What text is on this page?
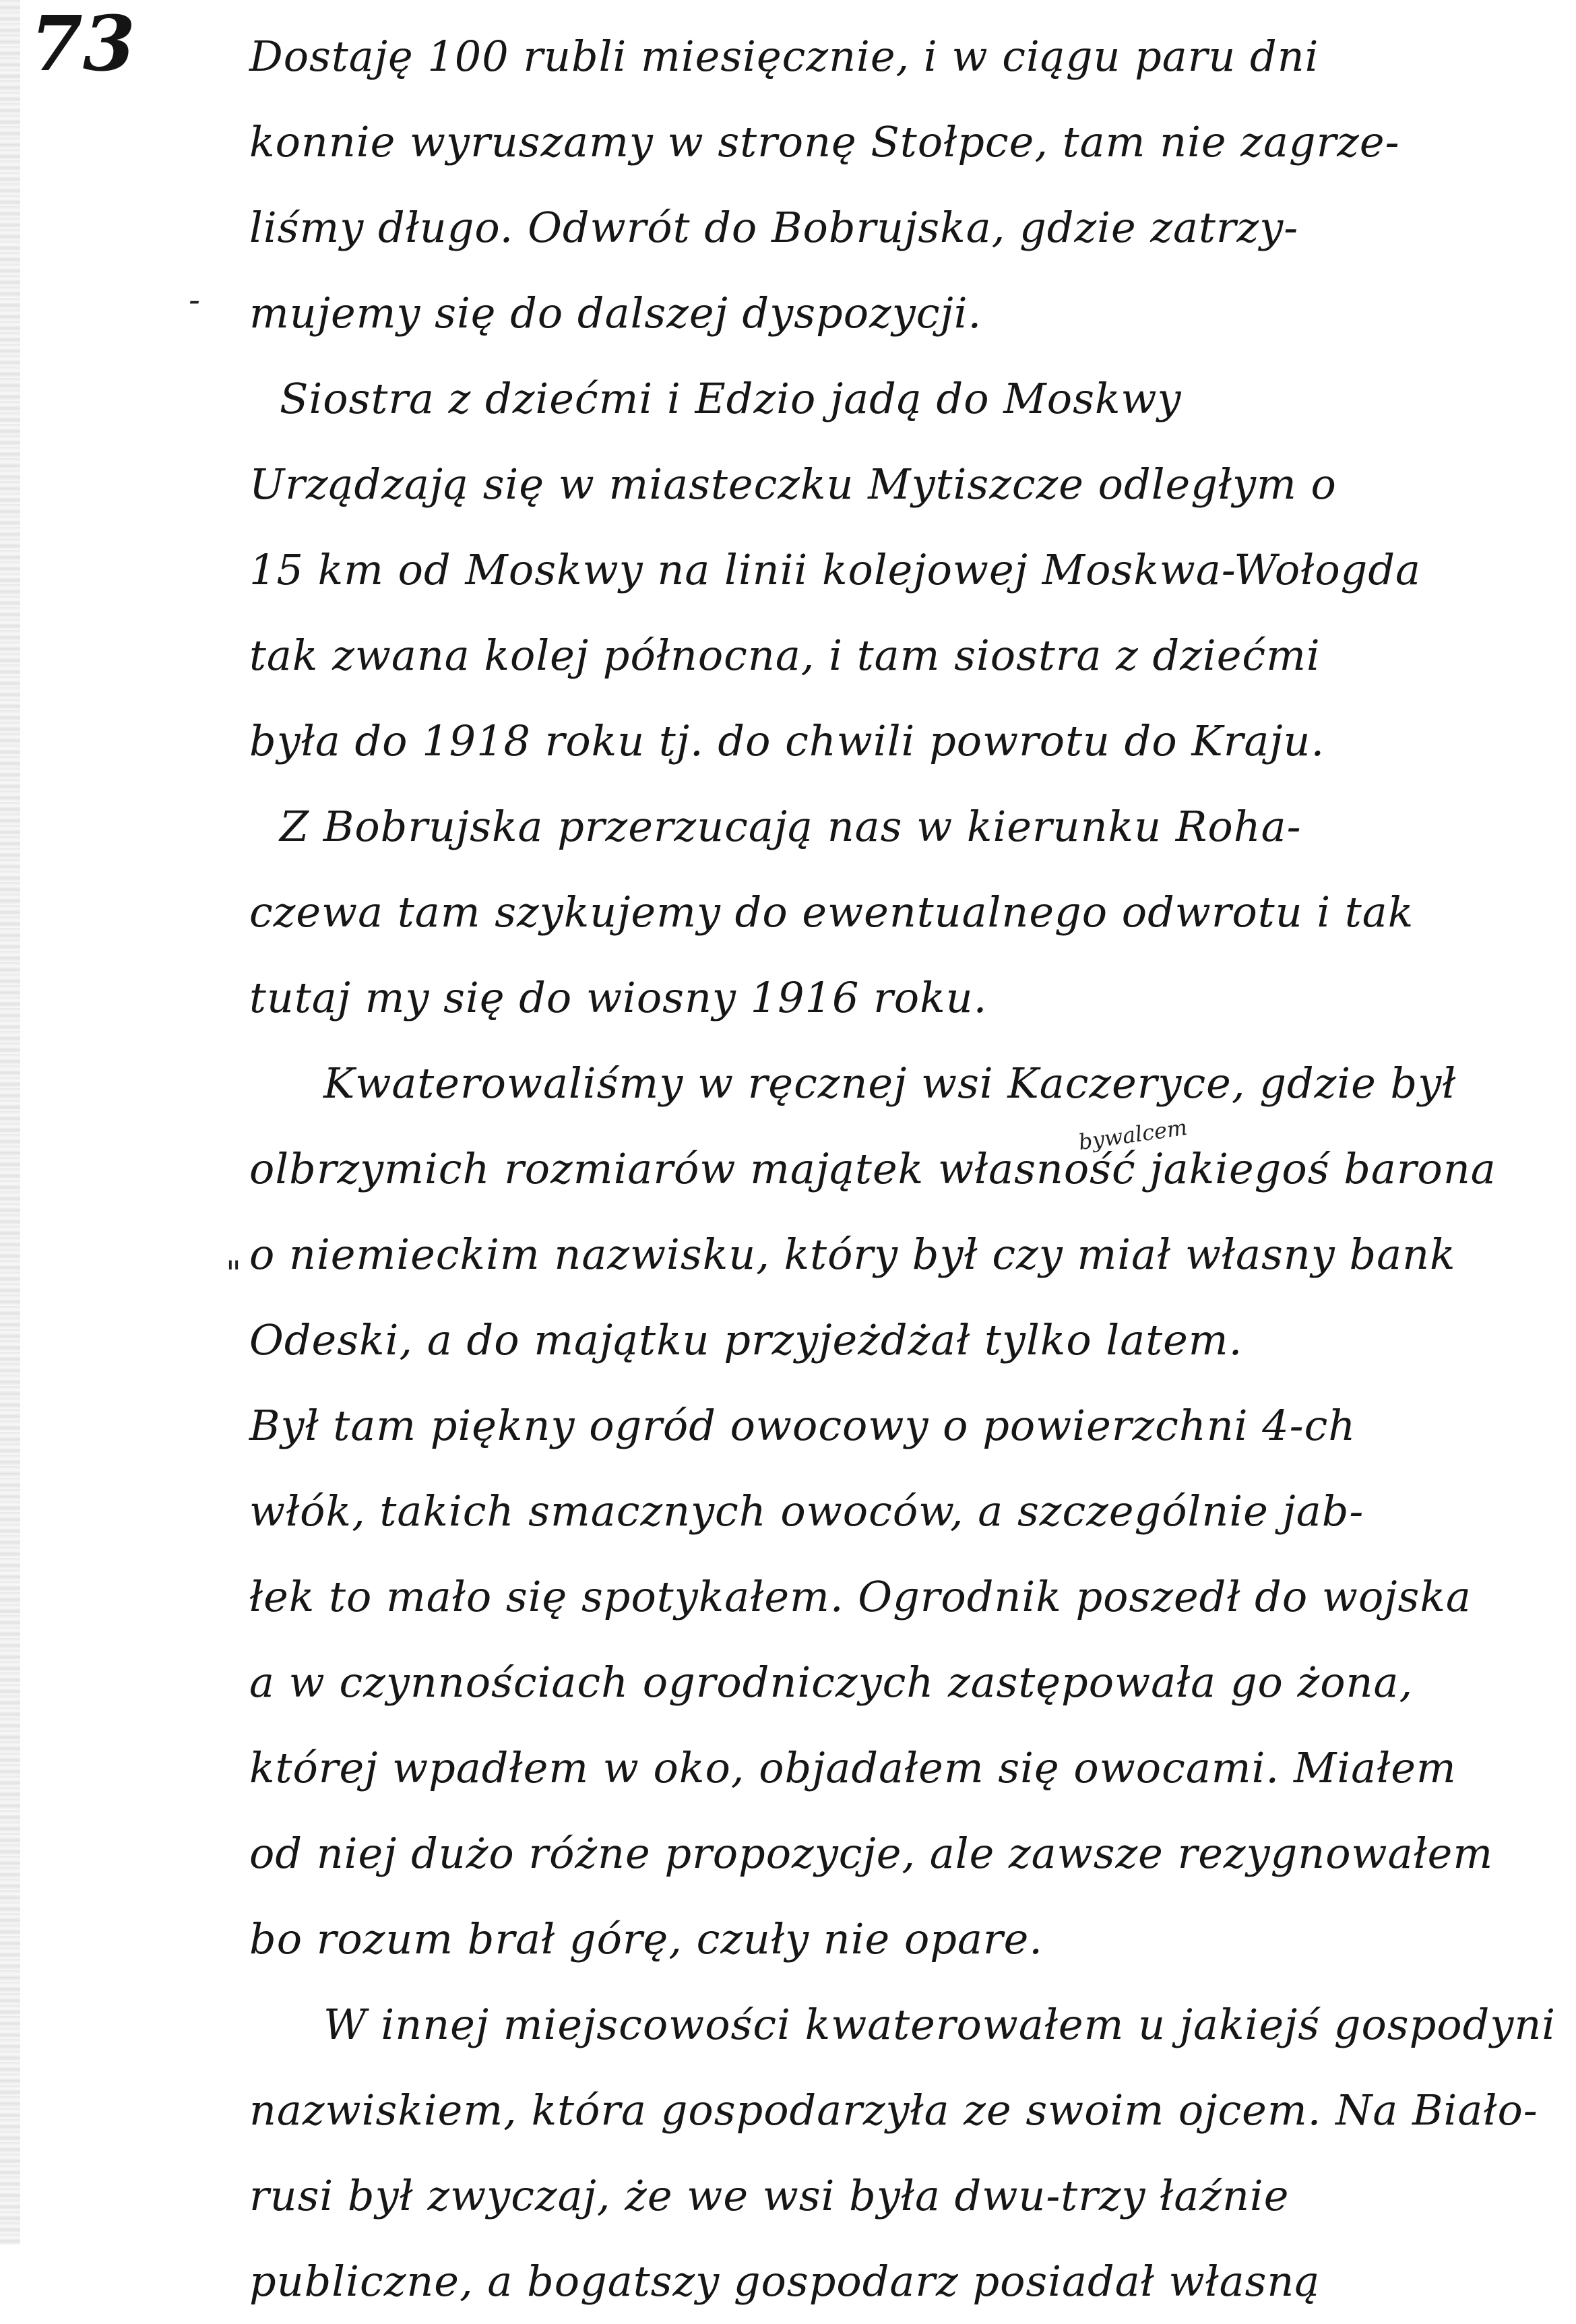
73
-
"
bywalcem
Dostaję 100 rubli miesięcznie, i w ciągu paru dni
konnie wyruszamy w stronę Stołpce, tam nie zagrze-
liśmy długo. Odwrót do Bobrujska, gdzie zatrzy-
mujemy się do dalszej dyspozycji.
Siostra z dziećmi i Edzio jadą do Moskwy
Urządzają się w miasteczku Mytiszcze odległym o
15 km od Moskwy na linii kolejowej Moskwa-Wołogda
tak zwana kolej północna, i tam siostra z dziećmi
była do 1918 roku tj. do chwili powrotu do Kraju.
Z Bobrujska przerzucają nas w kierunku Roha-
czewa tam szykujemy do ewentualnego odwrotu i tak
tutaj my się do wiosny 1916 roku.
Kwaterowaliśmy w ręcznej wsi Kaczeryce, gdzie był
olbrzymich rozmiarów majątek własność jakiegoś barona
o niemieckim nazwisku, który był czy miał własny bank
Odeski, a do majątku przyjeżdżał tylko latem.
Był tam piękny ogród owocowy o powierzchni 4-ch
włók, takich smacznych owoców, a szczególnie jab-
łek to mało się spotykałem. Ogrodnik poszedł do wojska
a w czynnościach ogrodniczych zastępowała go żona,
której wpadłem w oko, objadałem się owocami. Miałem
od niej dużo różne propozycje, ale zawsze rezygnowałem
bo rozum brał górę, czuły nie opare.
W innej miejscowości kwaterowałem u jakiejś gospodyni
nazwiskiem, która gospodarzyła ze swoim ojcem. Na Biało-
rusi był zwyczaj, że we wsi była dwu-trzy łaźnie
publiczne, a bogatszy gospodarz posiadał własną
